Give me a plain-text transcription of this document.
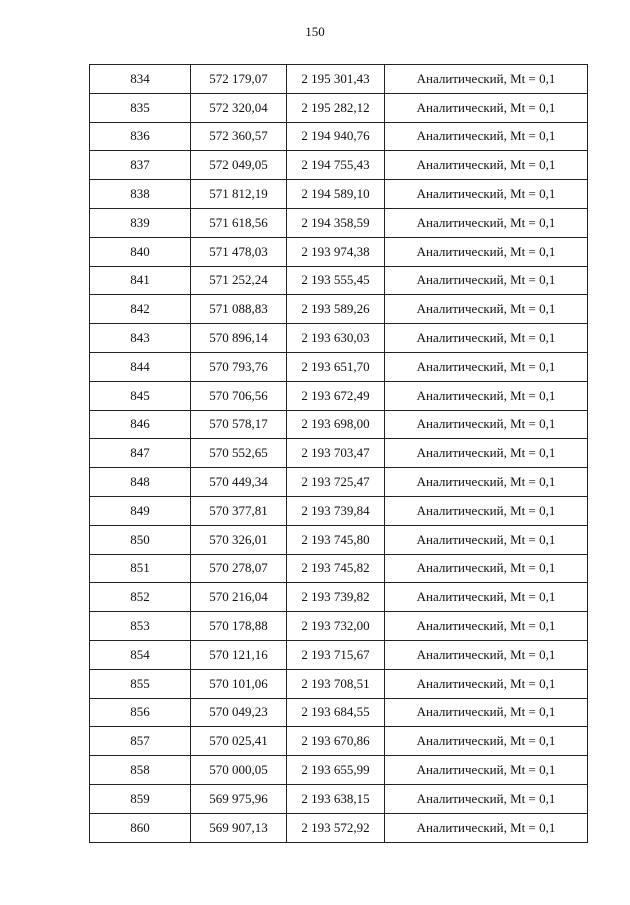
150
834	572 179,07	2 195 301,43	Аналитический, Mt = 0,1
835	572 320,04	2 195 282,12	Аналитический, Mt = 0,1
836	572 360,57	2 194 940,76	Аналитический, Mt = 0,1
837	572 049,05	2 194 755,43	Аналитический, Mt = 0,1
838	571 812,19	2 194 589,10	Аналитический, Mt = 0,1
839	571 618,56	2 194 358,59	Аналитический, Mt = 0,1
840	571 478,03	2 193 974,38	Аналитический, Mt = 0,1
841	571 252,24	2 193 555,45	Аналитический, Mt = 0,1
842	571 088,83	2 193 589,26	Аналитический, Mt = 0,1
843	570 896,14	2 193 630,03	Аналитический, Mt = 0,1
844	570 793,76	2 193 651,70	Аналитический, Mt = 0,1
845	570 706,56	2 193 672,49	Аналитический, Mt = 0,1
846	570 578,17	2 193 698,00	Аналитический, Mt = 0,1
847	570 552,65	2 193 703,47	Аналитический, Mt = 0,1
848	570 449,34	2 193 725,47	Аналитический, Mt = 0,1
849	570 377,81	2 193 739,84	Аналитический, Mt = 0,1
850	570 326,01	2 193 745,80	Аналитический, Mt = 0,1
851	570 278,07	2 193 745,82	Аналитический, Mt = 0,1
852	570 216,04	2 193 739,82	Аналитический, Mt = 0,1
853	570 178,88	2 193 732,00	Аналитический, Mt = 0,1
854	570 121,16	2 193 715,67	Аналитический, Mt = 0,1
855	570 101,06	2 193 708,51	Аналитический, Mt = 0,1
856	570 049,23	2 193 684,55	Аналитический, Mt = 0,1
857	570 025,41	2 193 670,86	Аналитический, Mt = 0,1
858	570 000,05	2 193 655,99	Аналитический, Mt = 0,1
859	569 975,96	2 193 638,15	Аналитический, Mt = 0,1
860	569 907,13	2 193 572,92	Аналитический, Mt = 0,1
